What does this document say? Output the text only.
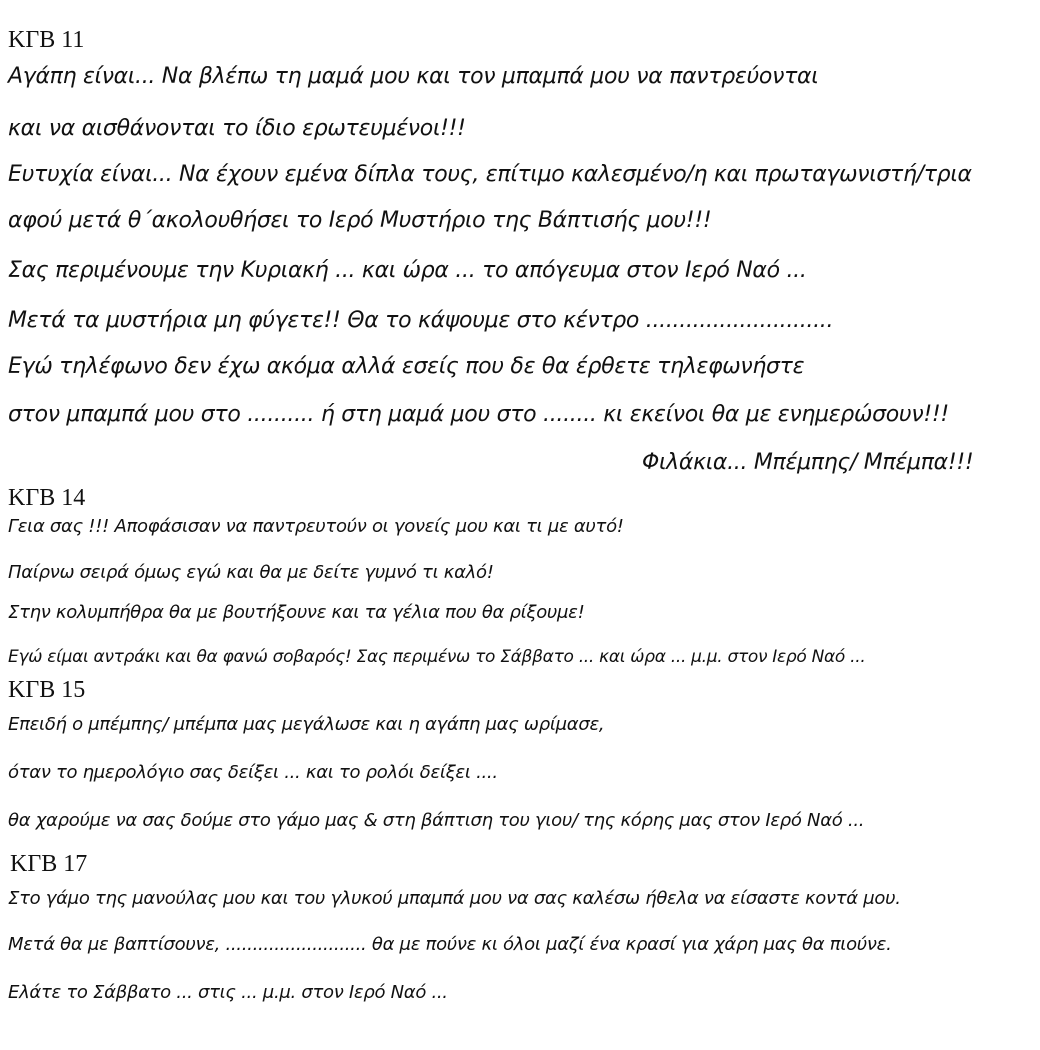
ΚΓΒ 11
Αγάπη είναι... Να βλέπω τη μαμά μου και τον μπαμπά μου να παντρεύονται
και να αισθάνονται το ίδιο ερωτευμένοι!!!
Ευτυχία είναι... Να έχουν εμένα δίπλα τους, επίτιμο καλεσμένο/η και πρωταγωνιστή/τρια
αφού μετά θ΄ακολουθήσει το Ιερό Μυστήριο της Βάπτισής μου!!!
Σας περιμένουμε την Κυριακή ... και ώρα ... το απόγευμα στον Ιερό Ναό ...
Μετά τα μυστήρια μη φύγετε!! Θα το κάψουμε στο κέντρο ............................
Εγώ τηλέφωνο δεν έχω ακόμα αλλά εσείς που δε θα έρθετε τηλεφωνήστε
στον μπαμπά μου στο .......... ή στη μαμά μου στο ........ κι εκείνοι θα με ενημερώσουν!!!
Φιλάκια... Μπέμπης/ Μπέμπα!!!
ΚΓΒ 14
Γεια σας !!! Αποφάσισαν να παντρευτούν οι γονείς μου και τι με αυτό!
Παίρνω σειρά όμως εγώ και θα με δείτε γυμνό τι καλό!
Στην κολυμπήθρα θα με βουτήξουνε και τα γέλια που θα ρίξουμε!
Εγώ είμαι αντράκι και θα φανώ σοβαρός! Σας περιμένω το Σάββατο ... και ώρα ... μ.μ. στον Ιερό Ναό ...
ΚΓΒ 15
Επειδή ο μπέμπης/ μπέμπα μας μεγάλωσε και η αγάπη μας ωρίμασε,
όταν το ημερολόγιο σας δείξει ... και το ρολόι δείξει ....
θα χαρούμε να σας δούμε στο γάμο μας & στη βάπτιση του γιου/ της κόρης μας στον Ιερό Ναό ...
ΚΓΒ 17
Στο γάμο της μανούλας μου και του γλυκού μπαμπά μου να σας καλέσω ήθελα να είσαστε κοντά μου.
Μετά θα με βαπτίσουνε, .......................... θα με πούνε κι όλοι μαζί ένα κρασί για χάρη μας θα πιούνε.
Ελάτε το Σάββατο ... στις ... μ.μ. στον Ιερό Ναό ...
